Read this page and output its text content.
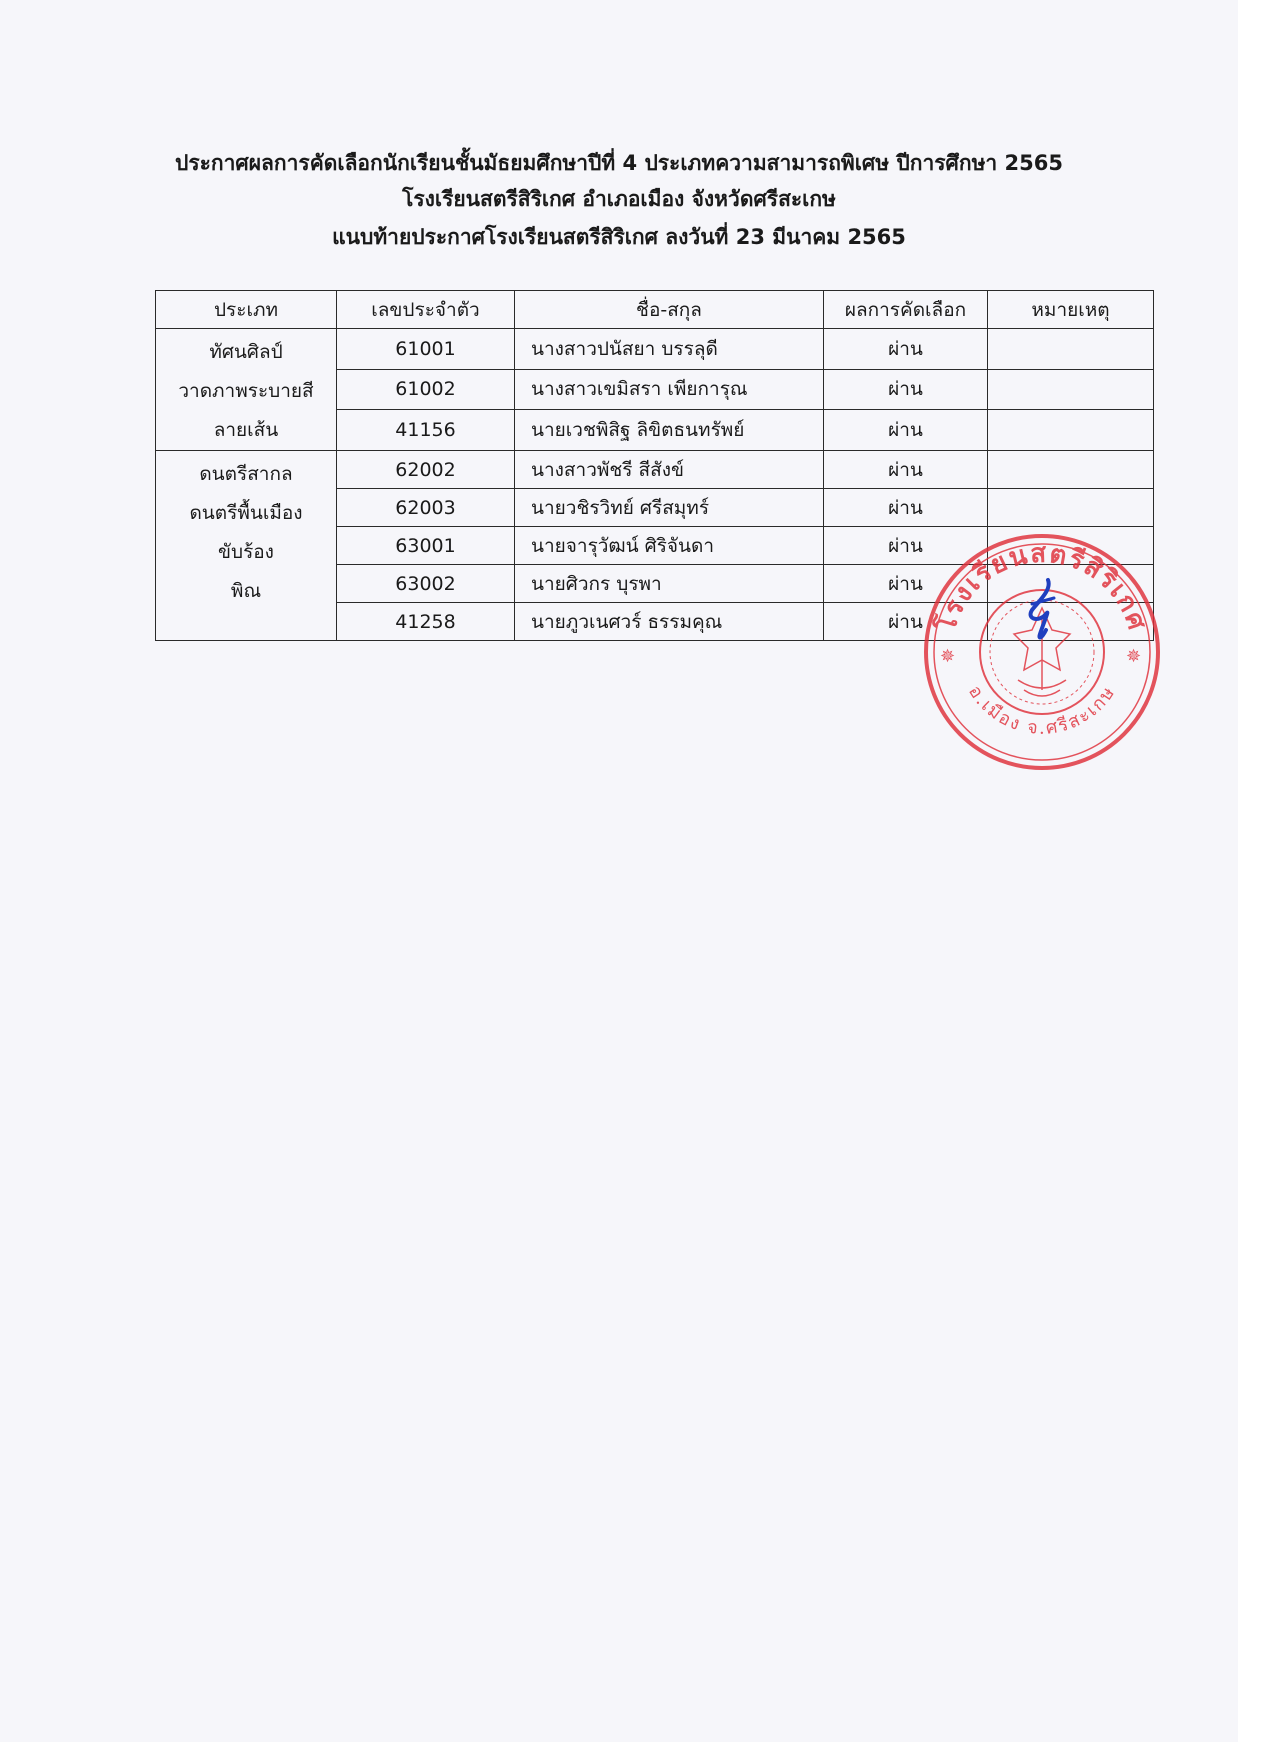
ประกาศผลการคัดเลือกนักเรียนชั้นมัธยมศึกษาปีที่ 4 ประเภทความสามารถพิเศษ ปีการศึกษา 2565
โรงเรียนสตรีสิริเกศ อำเภอเมือง จังหวัดศรีสะเกษ
แนบท้ายประกาศโรงเรียนสตรีสิริเกศ ลงวันที่ 23 มีนาคม 2565
ประเภท	เลขประจำตัว	ชื่อ-สกุล	ผลการคัดเลือก	หมายเหตุ

ทัศนศิลป์
วาดภาพระบายสี
ลายเส้น	61001	นางสาวปนัสยา บรรลุดี	ผ่าน	
	61002	นางสาวเขมิสรา เพียการุณ	ผ่าน	
	41156	นายเวชพิสิฐ ลิขิตธนทรัพย์	ผ่าน	

ดนตรีสากล
ดนตรีพื้นเมือง
ขับร้อง
พิณ	62002	นางสาวพัชรี สีสังข์	ผ่าน	
	62003	นายวชิรวิทย์ ศรีสมุทร์	ผ่าน	
	63001	นายจารุวัฒน์ ศิริจันดา	ผ่าน	
	63002	นายศิวกร บุรพา	ผ่าน	
	41258	นายภูวเนศวร์ ธรรมคุณ	ผ่าน	โรงเรียนสตรีสิริเกศ
อ.เมือง จ.ศรีสะเกษ
✵	✵
